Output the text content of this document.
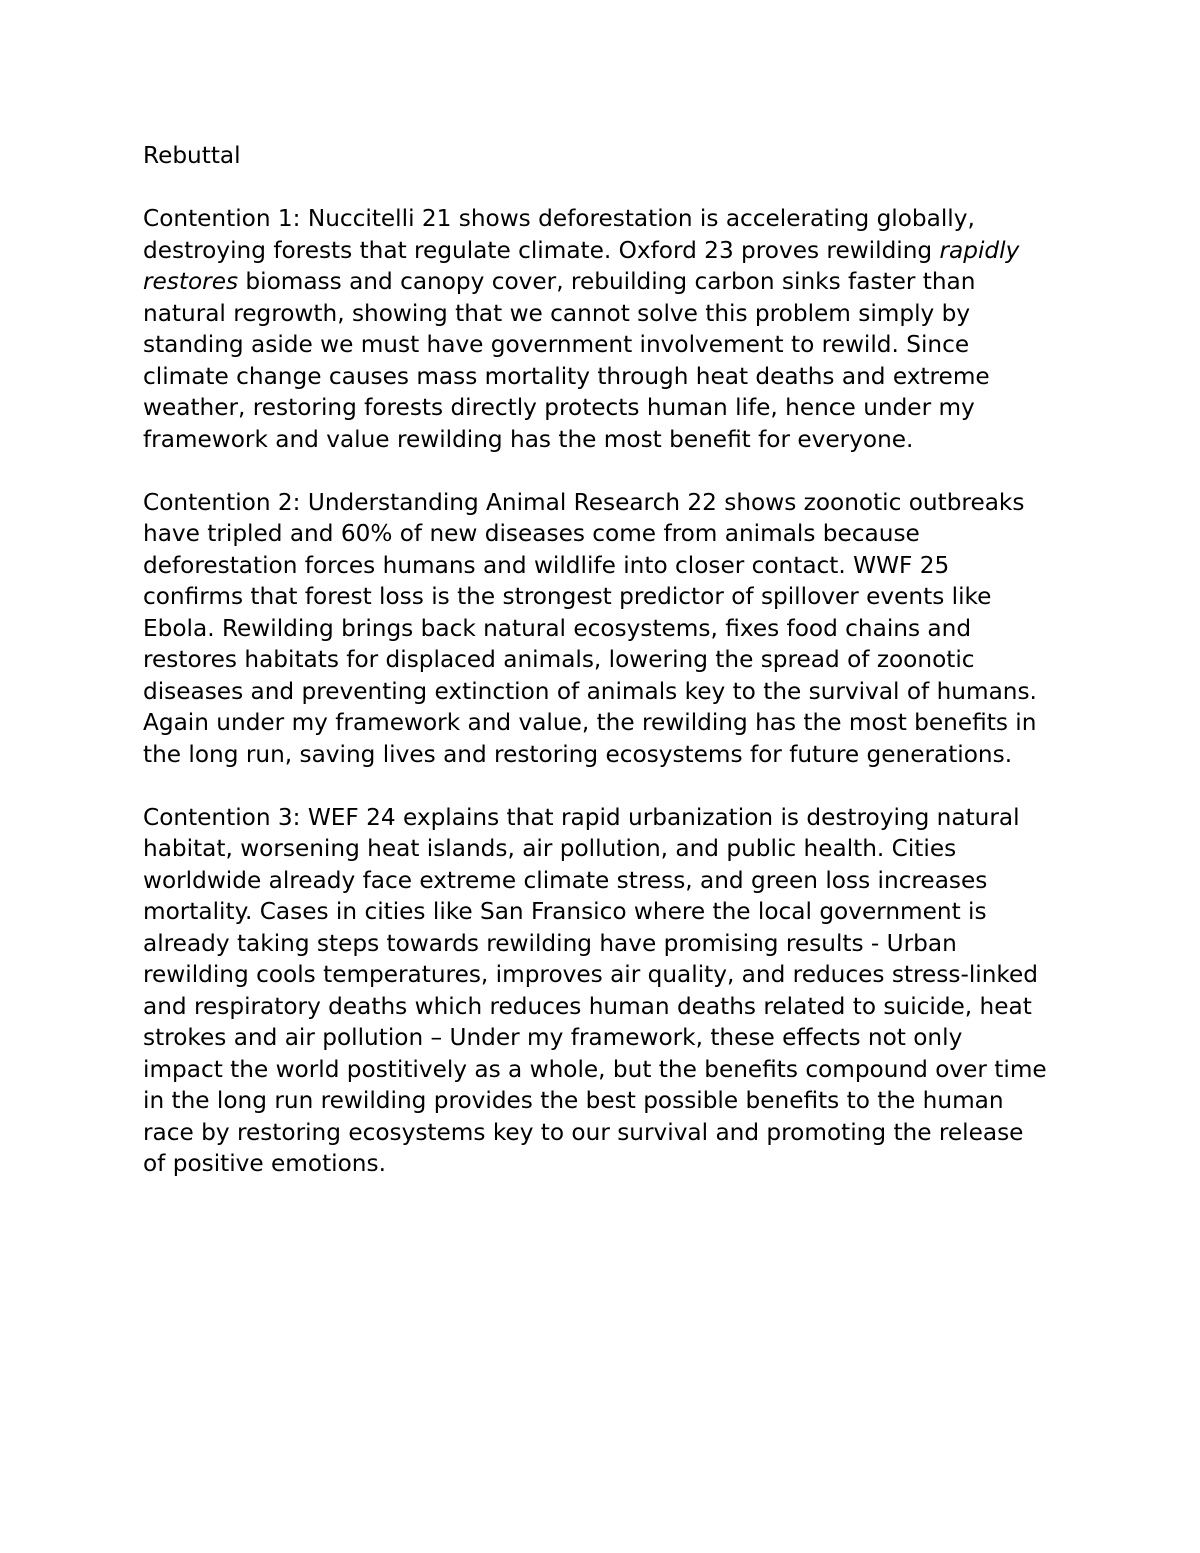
Rebuttal

Contention 1: Nuccitelli 21 shows deforestation is accelerating globally,
destroying forests that regulate climate. Oxford 23 proves rewilding rapidly
restores biomass and canopy cover, rebuilding carbon sinks faster than
natural regrowth, showing that we cannot solve this problem simply by
standing aside we must have government involvement to rewild. Since
climate change causes mass mortality through heat deaths and extreme
weather, restoring forests directly protects human life, hence under my
framework and value rewilding has the most benefit for everyone.

Contention 2: Understanding Animal Research 22 shows zoonotic outbreaks
have tripled and 60% of new diseases come from animals because
deforestation forces humans and wildlife into closer contact. WWF 25
confirms that forest loss is the strongest predictor of spillover events like
Ebola. Rewilding brings back natural ecosystems, fixes food chains and
restores habitats for displaced animals, lowering the spread of zoonotic
diseases and preventing extinction of animals key to the survival of humans.
Again under my framework and value, the rewilding has the most benefits in
the long run, saving lives and restoring ecosystems for future generations.

Contention 3: WEF 24 explains that rapid urbanization is destroying natural
habitat, worsening heat islands, air pollution, and public health. Cities
worldwide already face extreme climate stress, and green loss increases
mortality. Cases in cities like San Fransico where the local government is
already taking steps towards rewilding have promising results - Urban
rewilding cools temperatures, improves air quality, and reduces stress-linked
and respiratory deaths which reduces human deaths related to suicide, heat
strokes and air pollution – Under my framework, these effects not only
impact the world postitively as a whole, but the benefits compound over time
in the long run rewilding provides the best possible benefits to the human
race by restoring ecosystems key to our survival and promoting the release
of positive emotions.
